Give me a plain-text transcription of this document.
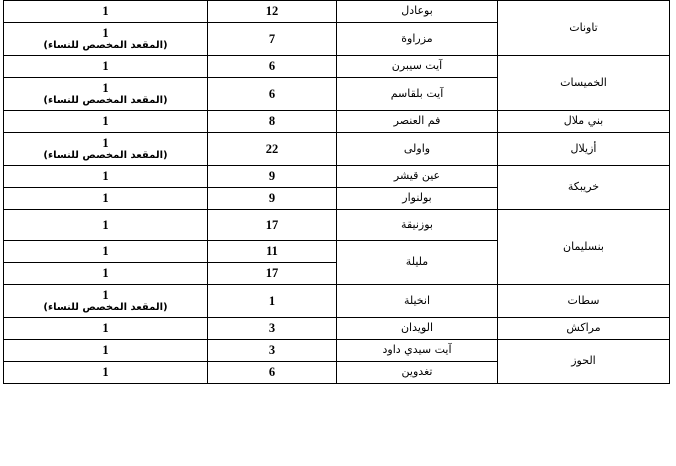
تاونات	بوعادل	12	1

	مزراوة	7	1
(المقعد المخصص للنساء)

الخميسات	آيت سيبرن	6	1

	آيت بلقاسم	6	1
(المقعد المخصص للنساء)

بني ملال	فم العنصر	8	1

أزيلال	واولى	22	1
(المقعد المخصص للنساء)

خريبكة	عين قيشر	9	1

	بولنوار	9	1

بنسليمان	بوزنيقة	17	1

	مليلة	11	1

		17	1

سطات	انخيلة	1	1
(المقعد المخصص للنساء)

مراكش	الويدان	3	1

الحوز	آيت سيدي داود	3	1

	تغدوين	6	1
